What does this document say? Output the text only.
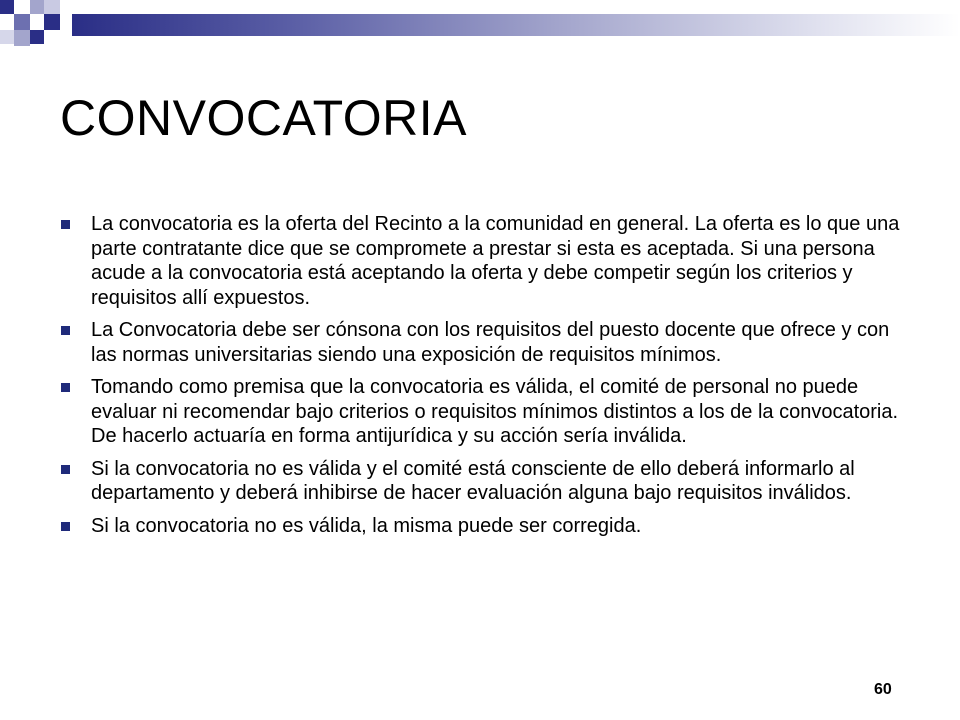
CONVOCATORIA
La convocatoria es la oferta del Recinto a la comunidad en general. La oferta es lo que una parte contratante dice que se compromete a prestar si esta es aceptada. Si una persona acude a la convocatoria está aceptando la oferta y debe competir según los criterios y requisitos allí expuestos.
La Convocatoria debe ser cónsona con los requisitos del puesto docente que ofrece y con las normas universitarias siendo una exposición de requisitos mínimos.
Tomando como premisa que la convocatoria es válida, el comité de personal no puede evaluar ni recomendar bajo criterios o requisitos mínimos distintos a los de la convocatoria. De hacerlo actuaría en forma antijurídica y su acción sería inválida.
Si la convocatoria no es válida y el comité está consciente de ello deberá informarlo al departamento y deberá inhibirse de hacer evaluación alguna bajo requisitos inválidos.
Si la convocatoria no es válida, la misma puede ser corregida.
60
